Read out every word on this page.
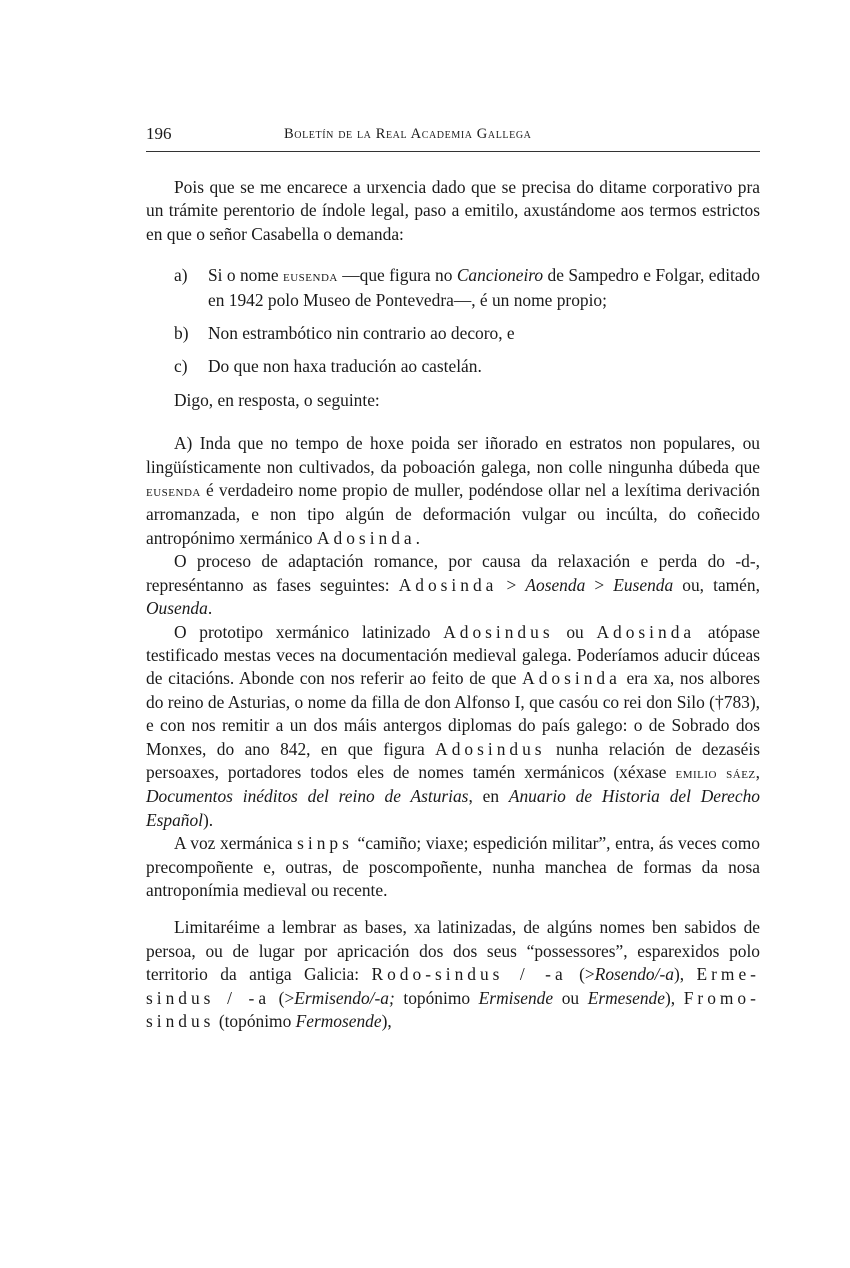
196	Boletín de la Real Academia Gallega

Pois que se me encarece a urxencia dado que se precisa do ditame corporativo pra un trámite perentorio de índole legal, paso a emitilo, axustándome aos termos estrictos en que o señor Casabella o demanda:

a) Si o nome eusenda —que figura no Cancioneiro de Sampedro e Folgar, editado en 1942 polo Museo de Pontevedra—, é un nome propio;

b) Non estrambótico nin contrario ao decoro, e

c) Do que non haxa tradución ao castelán.

Digo, en resposta, o seguinte:

A) Inda que no tempo de hoxe poida ser iñorado en estratos non populares, ou lingüísticamente non cultivados, da poboación galega, non colle ningunha dúbeda que eusenda é verdadeiro nome propio de muller, podéndose ollar nel a lexítima derivación arromanzada, e non tipo algún de deformación vulgar ou incúlta, do coñecido antropónimo xermánico Adosinda.

O proceso de adaptación romance, por causa da relaxación e perda do -d-, represéntanno as fases seguintes: Adosinda > Aosenda > Eusenda ou, tamén, Ousenda.

O prototipo xermánico latinizado Adosindus ou Adosinda atópase testificado mestas veces na documentación medieval galega. Poderíamos aducir dúceas de citacións. Abonde con nos referir ao feito de que Adosinda era xa, nos albores do reino de Asturias, o nome da filla de don Alfonso I, que casóu co rei don Silo (†783), e con nos remitir a un dos máis antergos diplomas do país galego: o de Sobrado dos Monxes, do ano 842, en que figura Adosindus nunha relación de dezaséis persoaxes, portadores todos eles de nomes tamén xermánicos (xéxase emilio sáez, Documentos inéditos del reino de Asturias, en Anuario de Historia del Derecho Español).

A voz xermánica sinps “camiño; viaxe; espedición militar”, entra, ás veces como precompoñente e, outras, de poscompoñente, nunha manchea de formas da nosa antroponímia medieval ou recente.

Limitaréime a lembrar as bases, xa latinizadas, de algúns nomes ben sabidos de persoa, ou de lugar por apricación dos dos seus “possessores”, esparexidos polo territorio da antiga Galicia: Rodo-sindus / -a (>Rosendo/-a), Erme-sindus / -a (>Ermisendo/-a; topónimo Ermisende ou Ermesende), Fromo-sindus (topónimo Fermosende),
